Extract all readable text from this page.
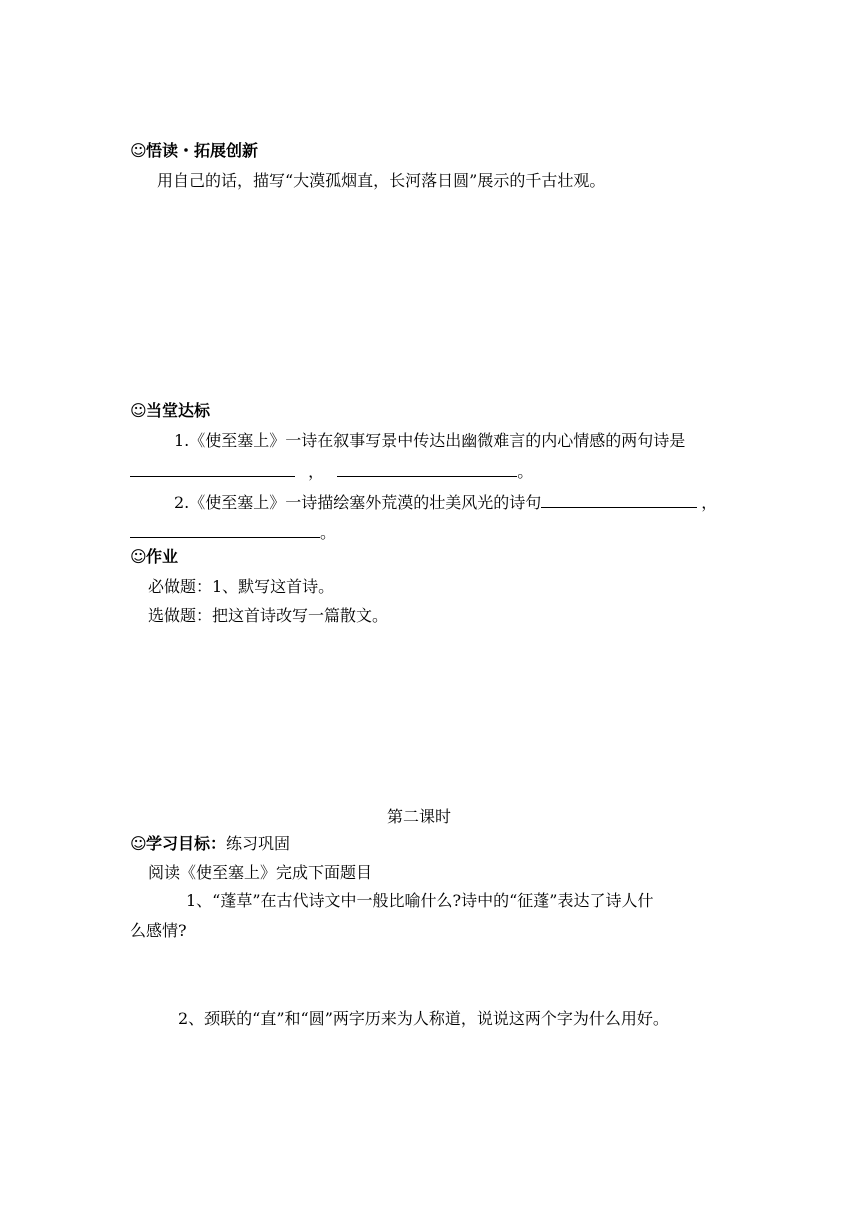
☺悟读・拓展创新
用自己的话，描写“大漠孤烟直，长河落日圆”展示的千古壮观。
☺当堂达标
1.《使至塞上》一诗在叙事写景中传达出幽微难言的内心情感的两句诗是
，	。
2.《使至塞上》一诗描绘塞外荒漠的壮美风光的诗句	，
。
☺作业
必做题：1、默写这首诗。
选做题：把这首诗改写一篇散文。
第二课时
☺学习目标：练习巩固
阅读《使至塞上》完成下面题目
1、“蓬草”在古代诗文中一般比喻什么?诗中的“征蓬”表达了诗人什
么感情?
2、颈联的“直”和“圆”两字历来为人称道，说说这两个字为什么用好。
